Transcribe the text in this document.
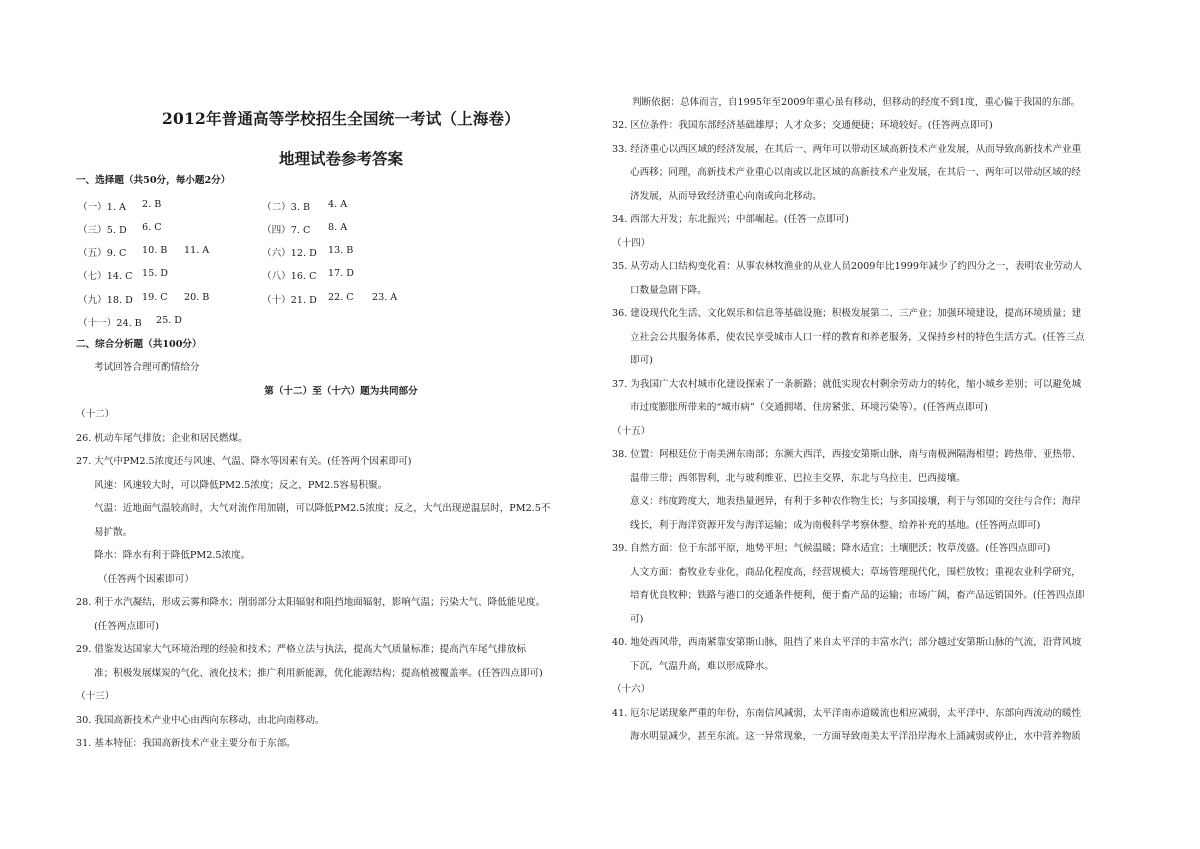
2012年普通高等学校招生全国统一考试（上海卷）
地理试卷参考答案
一、选择题（共50分，每小题2分）
（一）1. A 2. B	（二）3. B 4. A
（三）5. D 6. C	（四）7. C 8. A
（五）9. C 10. B 11. A	（六）12. D 13. B
（七）14. C 15. D	（八）16. C 17. D
（九）18. D 19. C 20. B	（十）21. D 22. C 23. A
（十一）24. B 25. D
二、综合分析题（共100分）
考试回答合理可酌情给分
第（十二）至（十六）题为共同部分
（十二）
26. 机动车尾气排放；企业和居民燃煤。
27. 大气中PM2.5浓度还与风速、气温、降水等因素有关。(任答两个因素即可)
风速：风速较大时，可以降低PM2.5浓度；反之，PM2.5容易积聚。
气温：近地面气温较高时，大气对流作用加剧，可以降低PM2.5浓度；反之，大气出现逆温层时，PM2.5不
易扩散。
降水：降水有利于降低PM2.5浓度。
（任答两个因素即可）
28. 利于水汽凝结，形成云雾和降水；削弱部分太阳辐射和阻挡地面辐射，影响气温；污染大气、降低能见度。
(任答两点即可)
29. 借鉴发达国家大气环境治理的经验和技术；严格立法与执法，提高大气质量标准；提高汽车尾气排放标
准；积极发展煤炭的气化、液化技术；推广利用新能源，优化能源结构；提高植被覆盖率。(任答四点即可)
（十三）
30. 我国高新技术产业中心由西向东移动，由北向南移动。
31. 基本特征：我国高新技术产业主要分布于东部。
判断依据：总体而言，自1995年至2009年重心虽有移动，但移动的经度不到1度，重心偏于我国的东部。
32. 区位条件：我国东部经济基础雄厚；人才众多；交通便捷；环境较好。(任答两点即可)
33. 经济重心以西区域的经济发展，在其后一、两年可以带动区域高新技术产业发展，从而导致高新技术产业重
心西移；同理，高新技术产业重心以南或以北区域的高新技术产业发展，在其后一、两年可以带动区域的经
济发展，从而导致经济重心向南或向北移动。
34. 西部大开发；东北振兴；中部崛起。(任答一点即可)
（十四）
35. 从劳动人口结构变化看：从事农林牧渔业的从业人员2009年比1999年减少了约四分之一，表明农业劳动人
口数量急剧下降。
36. 建设现代化生活、文化娱乐和信息等基础设施；积极发展第二、三产业；加强环境建设，提高环境质量；建
立社会公共服务体系，使农民享受城市人口一样的教育和养老服务，又保持乡村的特色生活方式。(任答三点
即可)
37. 为我国广大农村城市化建设探索了一条新路；就低实现农村剩余劳动力的转化，缩小城乡差别；可以避免城
市过度膨胀所带来的“城市病”（交通拥堵、住房紧张、环境污染等）。(任答两点即可)
（十五）
38. 位置：阿根廷位于南美洲东南部；东濒大西洋，西接安第斯山脉，南与南极洲隔海相望；跨热带、亚热带、
温带三带；西邻智利，北与玻利维亚、巴拉圭交界，东北与乌拉圭、巴西接壤。
意义：纬度跨度大，地表热量迥异，有利于多种农作物生长；与多国接壤，利于与邻国的交往与合作；海岸
线长，利于海洋资源开发与海洋运输；成为南极科学考察休整、给养补充的基地。(任答两点即可)
39. 自然方面：位于东部平原，地势平坦；气候温暖；降水适宜；土壤肥沃；牧草茂盛。(任答四点即可)
人文方面：畜牧业专业化，商品化程度高，经营规模大；草场管理现代化，围栏放牧；重视农业科学研究，
培育优良牧种；铁路与港口的交通条件便利，便于畜产品的运输；市场广阔，畜产品远销国外。(任答四点即
可)
40. 地处西风带，西南紧靠安第斯山脉，阻挡了来自太平洋的丰富水汽；部分越过安第斯山脉的气流，沿背风坡
下沉，气温升高，难以形成降水。
（十六）
41. 厄尔尼诺现象严重的年份，东南信风减弱，太平洋南赤道暖流也相应减弱，太平洋中、东部向西流动的暖性
海水明显减少，甚至东流。这一异常现象，一方面导致南美太平洋沿岸海水上涌减弱或停止，水中营养物质
